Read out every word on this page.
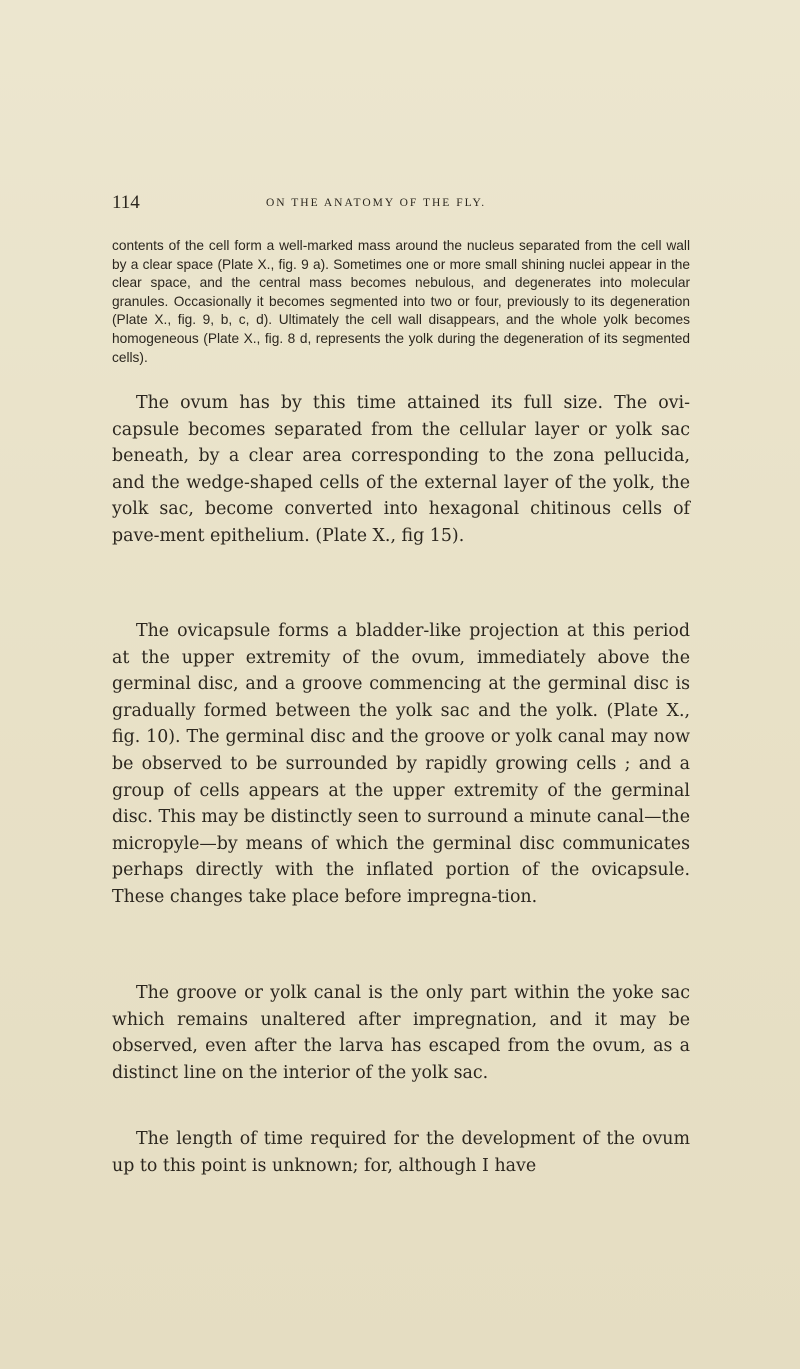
114	ON THE ANATOMY OF THE FLY.

contents of the cell form a well-marked mass around the nucleus separated from the cell wall by a clear space (Plate X., fig. 9 a). Sometimes one or more small shining nuclei appear in the clear space, and the central mass becomes nebulous, and degenerates into molecular granules. Occasionally it becomes segmented into two or four, previously to its degeneration (Plate X., fig. 9, b, c, d). Ultimately the cell wall disappears, and the whole yolk becomes homogeneous (Plate X., fig. 8 d, represents the yolk during the degeneration of its segmented cells).

The ovum has by this time attained its full size. The ovi-capsule becomes separated from the cellular layer or yolk sac beneath, by a clear area corresponding to the zona pellucida, and the wedge-shaped cells of the external layer of the yolk, the yolk sac, become converted into hexagonal chitinous cells of pave-ment epithelium. (Plate X., fig 15).

The ovicapsule forms a bladder-like projection at this period at the upper extremity of the ovum, immediately above the germinal disc, and a groove commencing at the germinal disc is gradually formed between the yolk sac and the yolk. (Plate X., fig. 10). The germinal disc and the groove or yolk canal may now be observed to be surrounded by rapidly growing cells ; and a group of cells appears at the upper extremity of the germinal disc. This may be distinctly seen to surround a minute canal—the micropyle—by means of which the germinal disc communicates perhaps directly with the inflated portion of the ovicapsule. These changes take place before impregna-tion.

The groove or yolk canal is the only part within the yoke sac which remains unaltered after impregnation, and it may be observed, even after the larva has escaped from the ovum, as a distinct line on the interior of the yolk sac.

The length of time required for the development of the ovum up to this point is unknown; for, although I have
